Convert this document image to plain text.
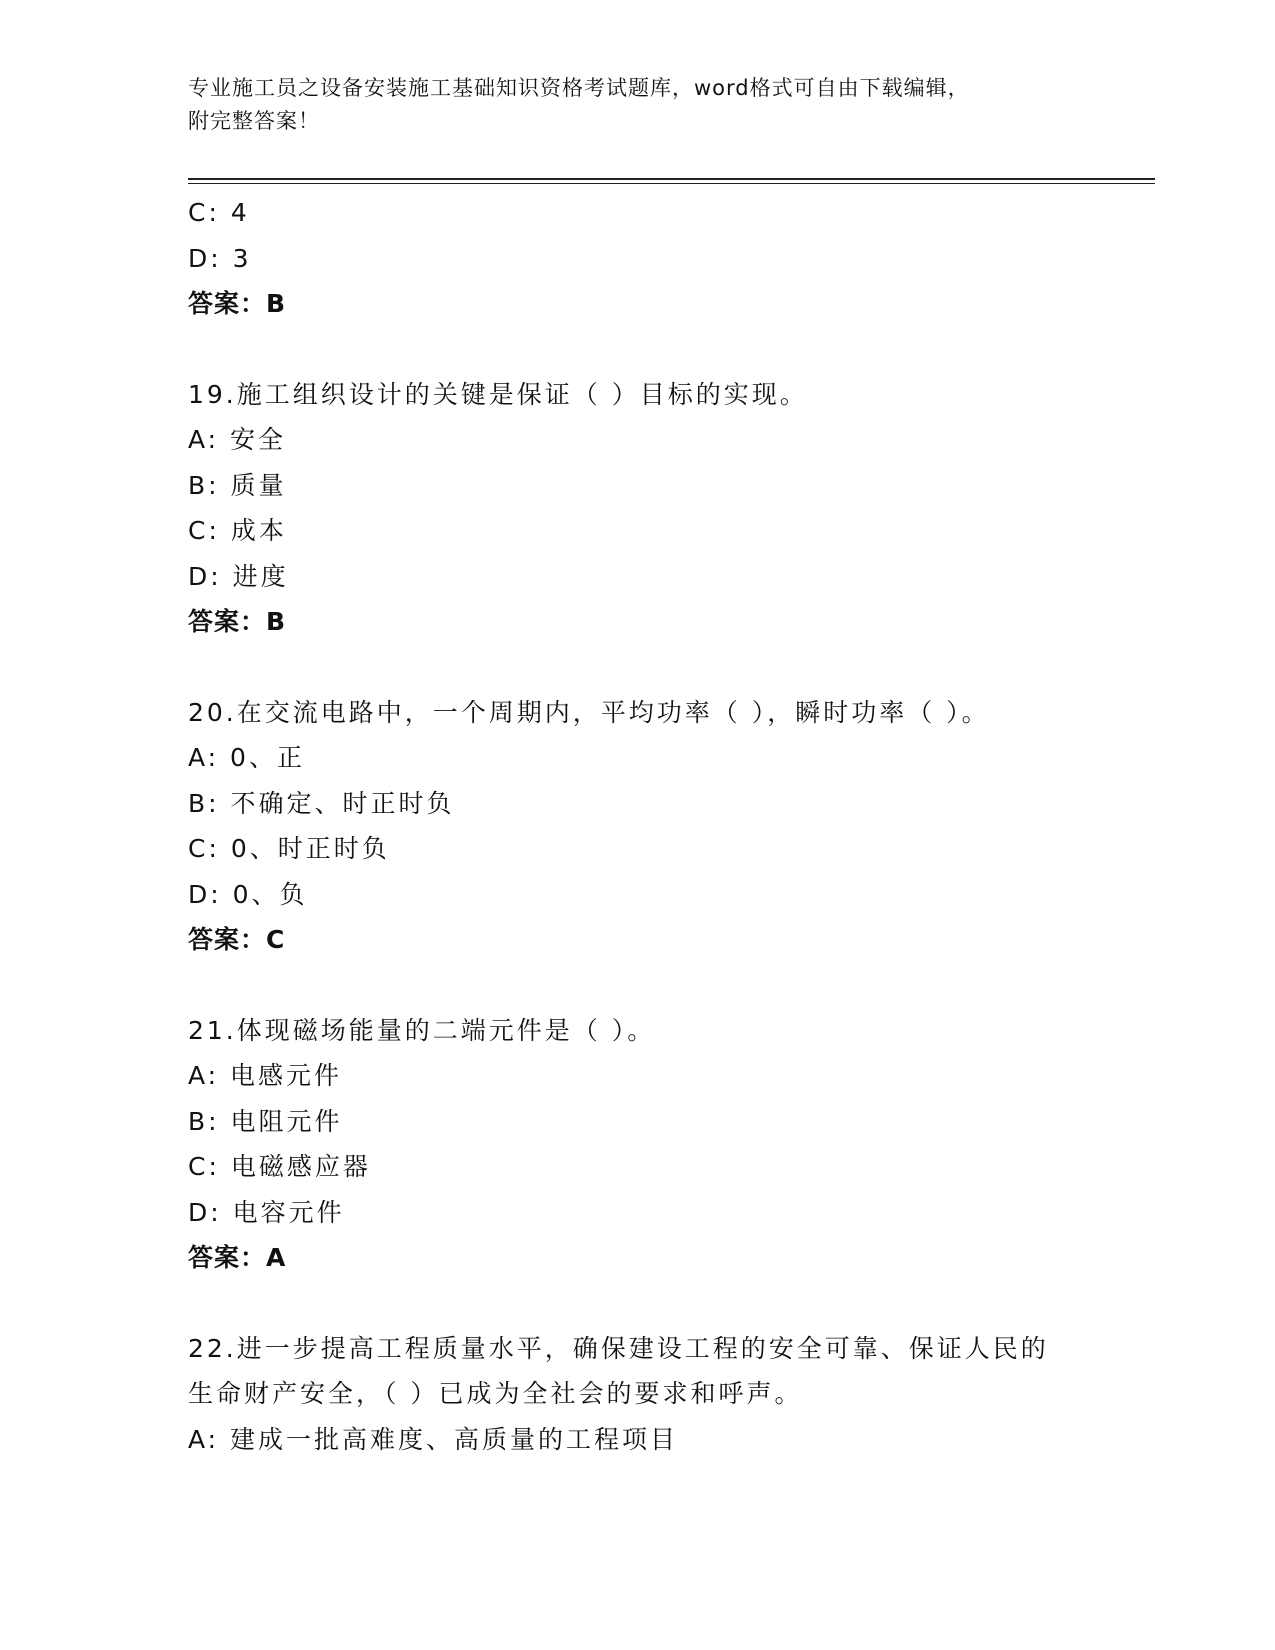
专业施工员之设备安装施工基础知识资格考试题库，word格式可自由下载编辑，
附完整答案！
C: 4
D: 3
答案：B
19.施工组织设计的关键是保证（ ）目标的实现。
A: 安全
B: 质量
C: 成本
D: 进度
答案：B
20.在交流电路中，一个周期内，平均功率（ ），瞬时功率（ ）。
A: 0、正
B: 不确定、时正时负
C: 0、时正时负
D: 0、负
答案：C
21.体现磁场能量的二端元件是（ ）。
A: 电感元件
B: 电阻元件
C: 电磁感应器
D: 电容元件
答案：A
22.进一步提高工程质量水平，确保建设工程的安全可靠、保证人民的
生命财产安全，（ ）已成为全社会的要求和呼声。
A: 建成一批高难度、高质量的工程项目
